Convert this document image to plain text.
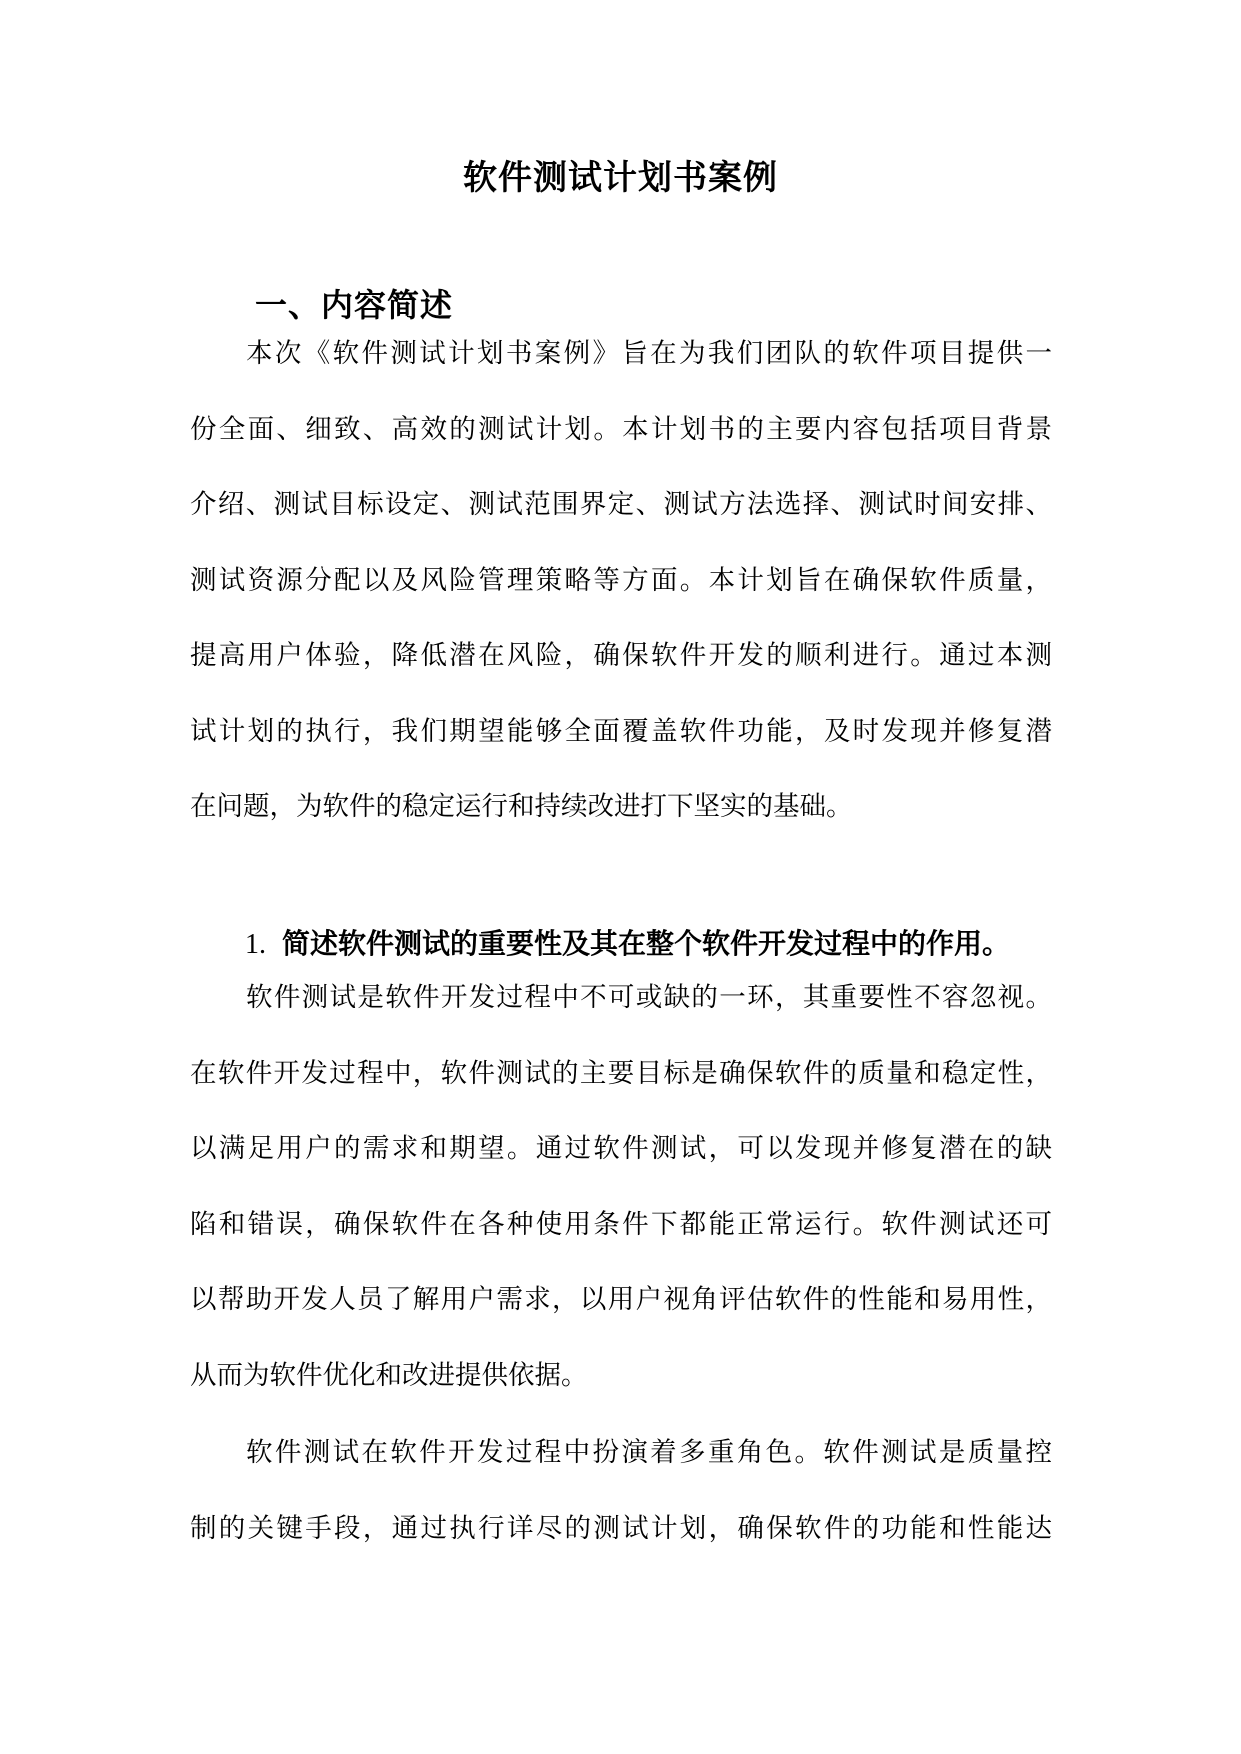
软件测试计划书案例
一、内容简述
本次《软件测试计划书案例》旨在为我们团队的软件项目提供一
份全面、细致、高效的测试计划。本计划书的主要内容包括项目背景
介绍、测试目标设定、测试范围界定、测试方法选择、测试时间安排、
测试资源分配以及风险管理策略等方面。本计划旨在确保软件质量，
提高用户体验，降低潜在风险，确保软件开发的顺利进行。通过本测
试计划的执行，我们期望能够全面覆盖软件功能，及时发现并修复潜
在问题，为软件的稳定运行和持续改进打下坚实的基础。
1. 简述软件测试的重要性及其在整个软件开发过程中的作用。
软件测试是软件开发过程中不可或缺的一环，其重要性不容忽视。
在软件开发过程中，软件测试的主要目标是确保软件的质量和稳定性，
以满足用户的需求和期望。通过软件测试，可以发现并修复潜在的缺
陷和错误，确保软件在各种使用条件下都能正常运行。软件测试还可
以帮助开发人员了解用户需求，以用户视角评估软件的性能和易用性，
从而为软件优化和改进提供依据。
软件测试在软件开发过程中扮演着多重角色。软件测试是质量控
制的关键手段，通过执行详尽的测试计划，确保软件的功能和性能达
